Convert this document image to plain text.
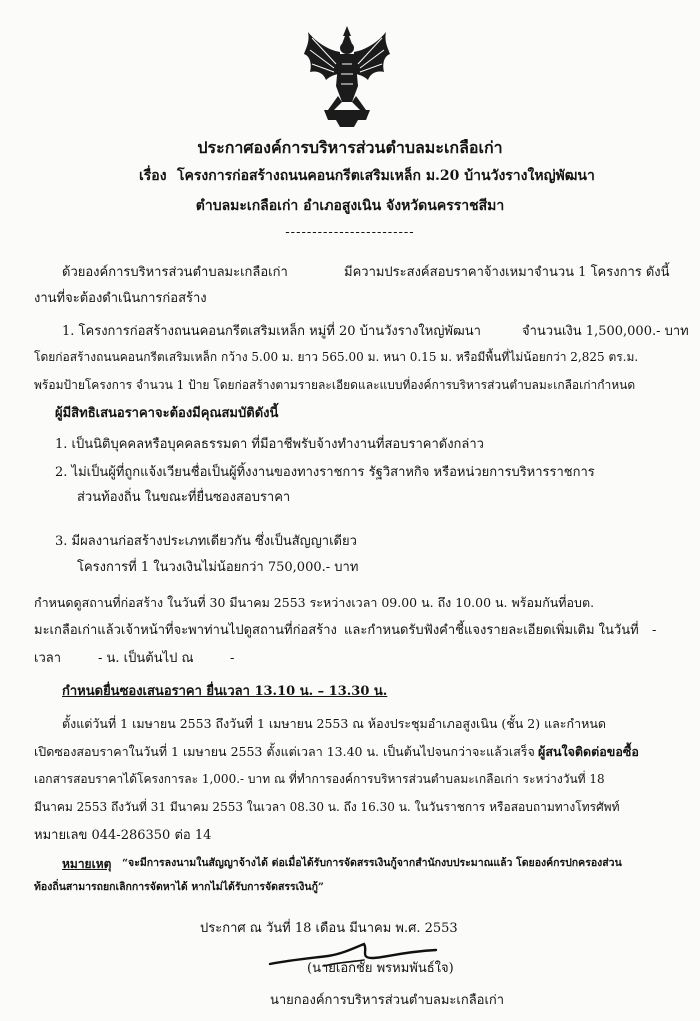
ประกาศองค์การบริหารส่วนตำบลมะเกลือเก่า
เรื่อง โครงการก่อสร้างถนนคอนกรีตเสริมเหล็ก ม.20 บ้านวังรางใหญ่พัฒนา
ตำบลมะเกลือเก่า อำเภอสูงเนิน จังหวัดนครราชสีมา
------------------------
ด้วยองค์การบริหารส่วนตำบลมะเกลือเก่า	มีความประสงค์สอบราคาจ้างเหมาจำนวน 1 โครงการ ดังนี้
งานที่จะต้องดำเนินการก่อสร้าง
1. โครงการก่อสร้างถนนคอนกรีตเสริมเหล็ก หมู่ที่ 20 บ้านวังรางใหญ่พัฒนา	จำนวนเงิน 1,500,000.- บาท
โดยก่อสร้างถนนคอนกรีตเสริมเหล็ก กว้าง 5.00 ม. ยาว 565.00 ม. หนา 0.15 ม. หรือมีพื้นที่ไม่น้อยกว่า 2,825 ตร.ม.
พร้อมป้ายโครงการ จำนวน 1 ป้าย โดยก่อสร้างตามรายละเอียดและแบบที่องค์การบริหารส่วนตำบลมะเกลือเก่ากำหนด
ผู้มีสิทธิเสนอราคาจะต้องมีคุณสมบัติดังนี้
1. เป็นนิติบุคคลหรือบุคคลธรรมดา ที่มีอาชีพรับจ้างทำงานที่สอบราคาดังกล่าว
2. ไม่เป็นผู้ที่ถูกแจ้งเวียนชื่อเป็นผู้ทิ้งงานของทางราชการ รัฐวิสาหกิจ หรือหน่วยการบริหารราชการ
ส่วนท้องถิ่น ในขณะที่ยื่นซองสอบราคา
3. มีผลงานก่อสร้างประเภทเดียวกัน ซึ่งเป็นสัญญาเดียว
โครงการที่ 1 ในวงเงินไม่น้อยกว่า 750,000.- บาท
กำหนดดูสถานที่ก่อสร้าง ในวันที่ 30 มีนาคม 2553 ระหว่างเวลา 09.00 น. ถึง 10.00 น. พร้อมกันที่อบต.
มะเกลือเก่าแล้วเจ้าหน้าที่จะพาท่านไปดูสถานที่ก่อสร้าง และกำหนดรับฟังคำชี้แจงรายละเอียดเพิ่มเติม ในวันที่ -
เวลา	- น. เป็นต้นไป ณ	-
กำหนดยื่นซองเสนอราคา ยื่นเวลา 13.10 น. – 13.30 น.
ตั้งแต่วันที่ 1 เมษายน 2553 ถึงวันที่ 1 เมษายน 2553 ณ ห้องประชุมอำเภอสูงเนิน (ชั้น 2) และกำหนด
เปิดซองสอบราคาในวันที่ 1 เมษายน 2553 ตั้งแต่เวลา 13.40 น. เป็นต้นไปจนกว่าจะแล้วเสร็จ ผู้สนใจติดต่อขอซื้อ
เอกสารสอบราคาได้โครงการละ 1,000.- บาท ณ ที่ทำการองค์การบริหารส่วนตำบลมะเกลือเก่า ระหว่างวันที่ 18
มีนาคม 2553 ถึงวันที่ 31 มีนาคม 2553 ในเวลา 08.30 น. ถึง 16.30 น. ในวันราชการ หรือสอบถามทางโทรศัพท์
หมายเลข 044-286350 ต่อ 14
หมายเหตุ “จะมีการลงนามในสัญญาจ้างได้ ต่อเมื่อได้รับการจัดสรรเงินกู้จากสำนักงบประมาณแล้ว โดยองค์กรปกครองส่วน
ท้องถิ่นสามารถยกเลิกการจัดหาได้ หากไม่ได้รับการจัดสรรเงินกู้”
ประกาศ ณ วันที่ 18 เดือน มีนาคม พ.ศ. 2553
(นายเอกชัย พรหมพันธ์ใจ)
นายกองค์การบริหารส่วนตำบลมะเกลือเก่า
